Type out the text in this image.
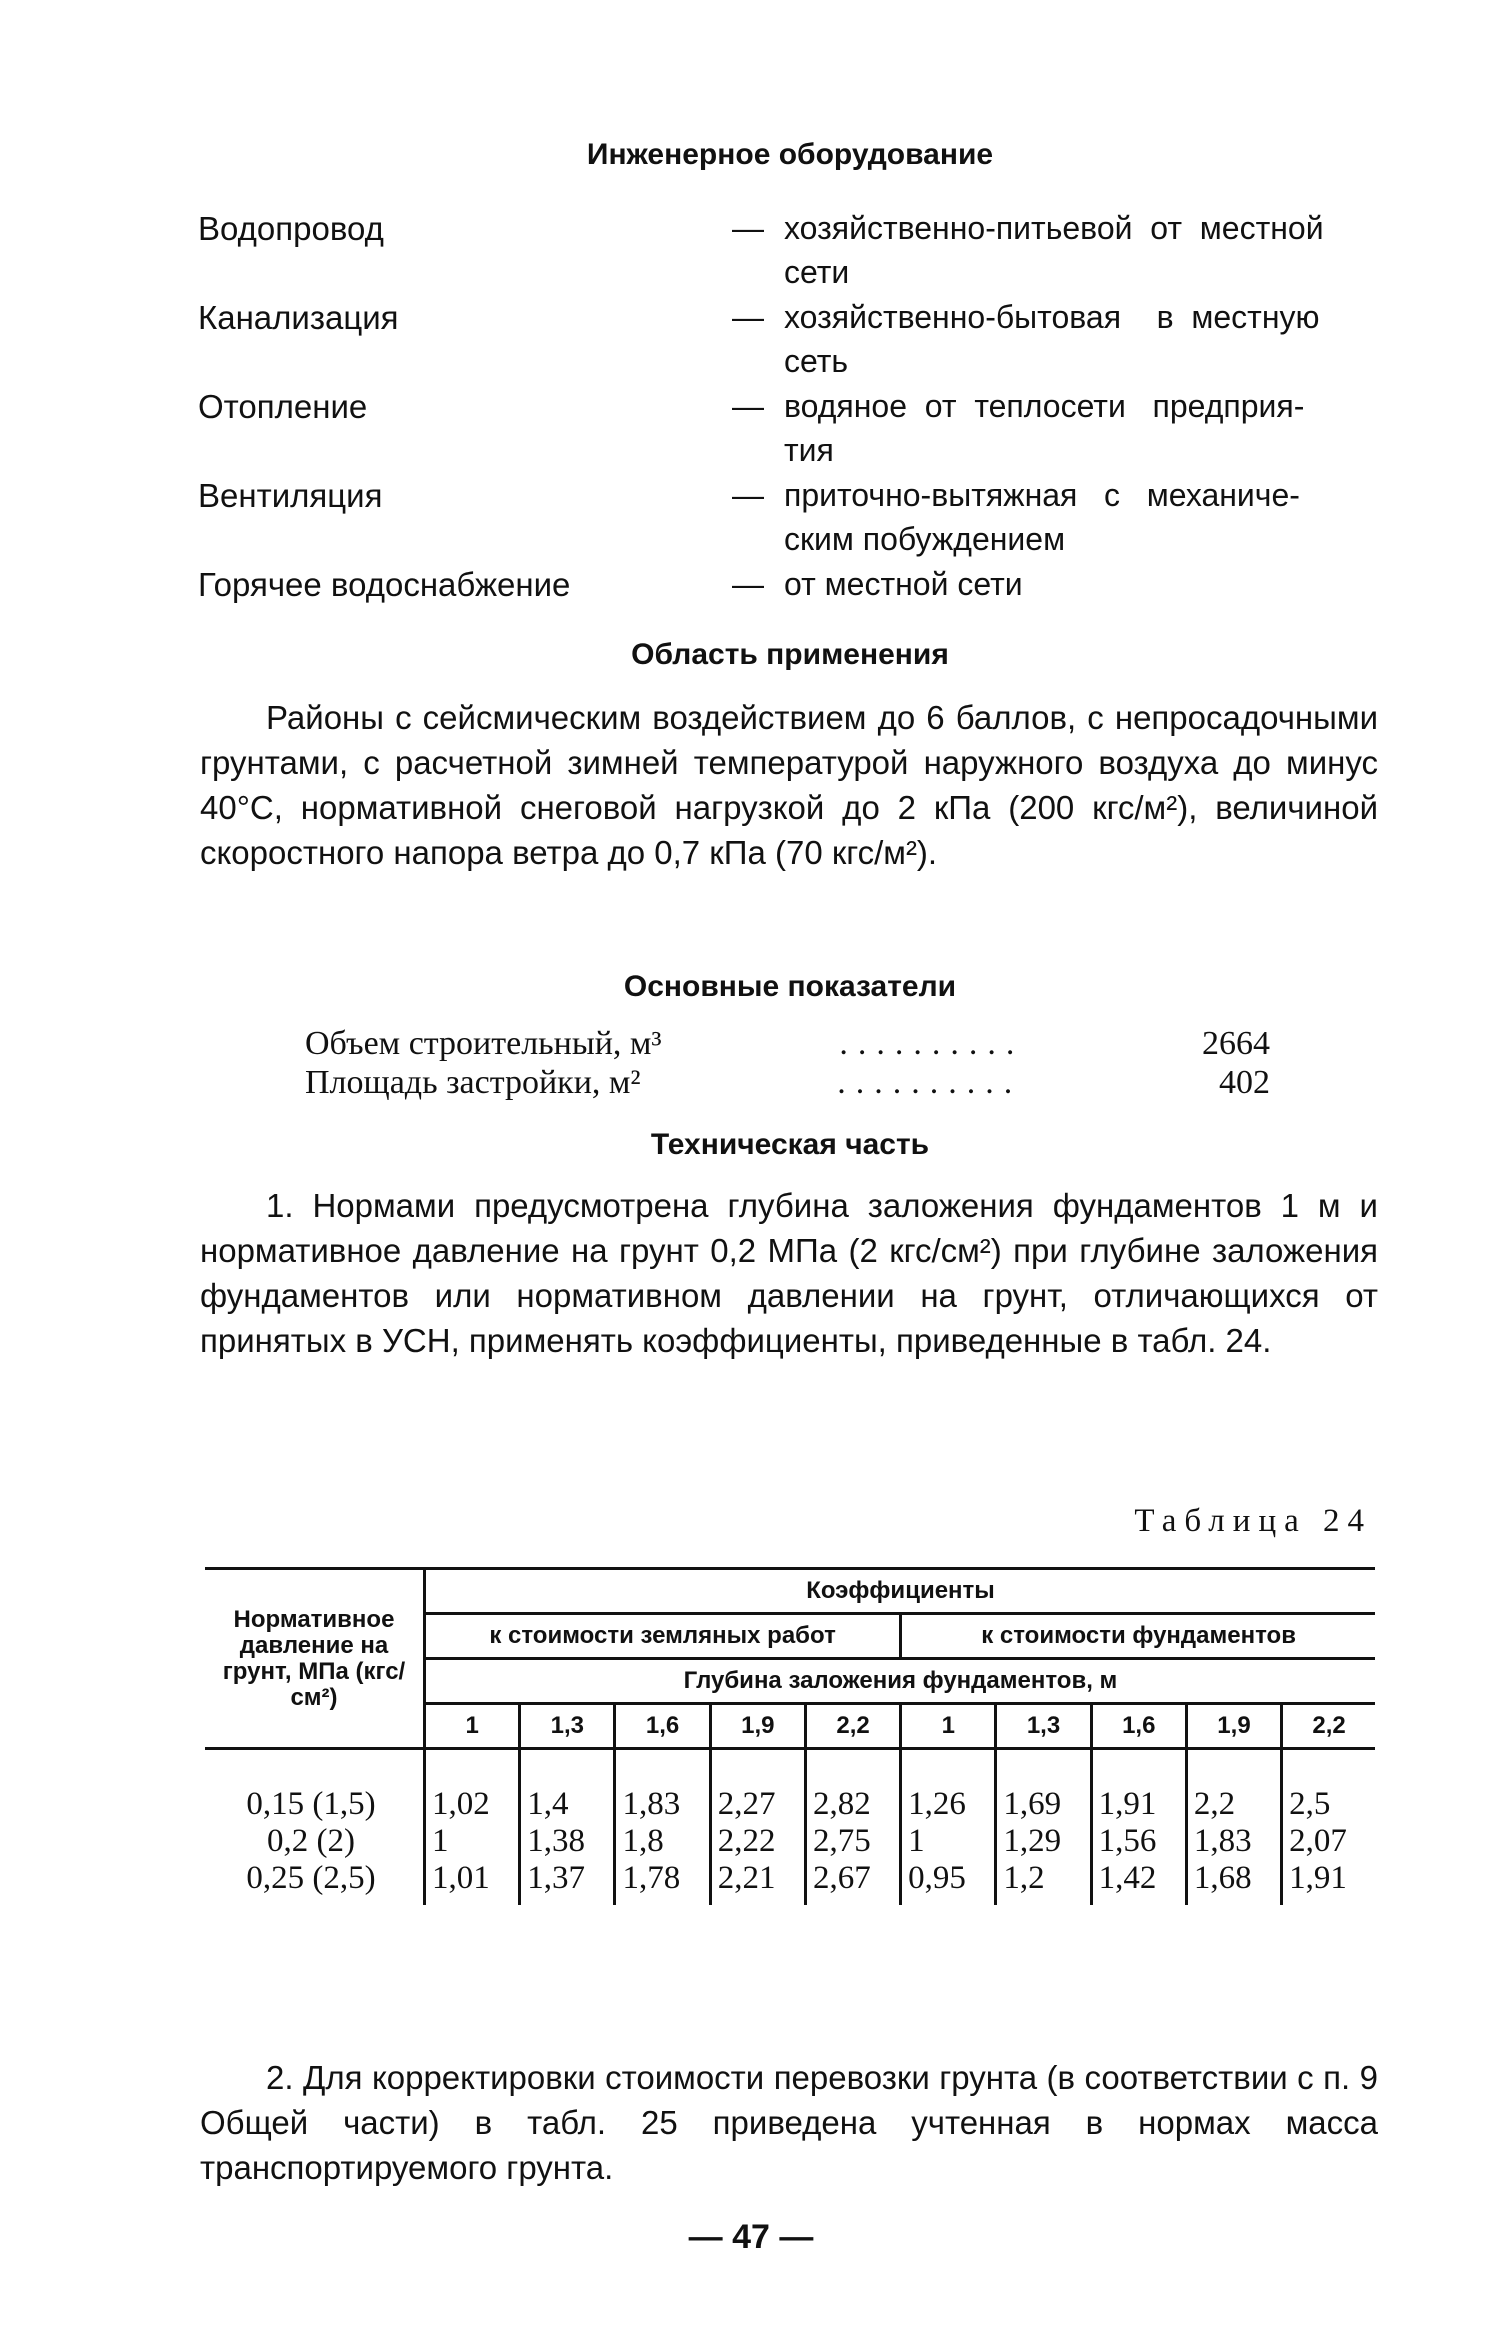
Инженерное оборудование
Водопровод	— хозяйственно-питьевой  от  местной
сети
Канализация	— хозяйственно-бытовая    в  местную
сеть
Отопление	— водяное  от  теплосети   предприя-
тия
Вентиляция	— приточно-вытяжная   с   механиче-
ским побуждением
Горячее водоснабжение	— от местной сети
Область применения
Районы с сейсмическим воздействием до 6 баллов, с непросадочными грунтами, с расчетной зимней температурой наружного воздуха до минус 40°С, нормативной снеговой нагрузкой до 2 кПа (200 кгс/м²), величиной скоростного напора ветра до 0,7 кПа (70 кгс/м²).
Основные показатели
Объем строительный, м³	..........	2664
Площадь застройки, м²	..........	402
Техническая часть
1. Нормами предусмотрена глубина заложения фундаментов 1 м и нормативное давление на грунт 0,2 МПа (2 кгс/см²) при глубине заложения фундаментов или нормативном давлении на грунт, отличающихся от принятых в УСН, применять коэффициенты, приведенные в табл. 24.
Таблица 24
Нормативное давление на грунт, МПа (кгс/см²)	Коэффициенты									
	к стоимости земляных работ					к стоимости фундаментов				
	Глубина заложения фундаментов, м									
	1	1,3	1,6	1,9	2,2	1	1,3	1,6	1,9	2,2
0,15 (1,5)	1,02	1,4	1,83	2,27	2,82	1,26	1,69	1,91	2,2	2,5
0,2 (2)	1	1,38	1,8	2,22	2,75	1	1,29	1,56	1,83	2,07
0,25 (2,5)	1,01	1,37	1,78	2,21	2,67	0,95	1,2	1,42	1,68	1,91
2. Для корректировки стоимости перевозки грунта (в соответствии с п. 9 Общей части) в табл. 25 приведена учтенная в нормах масса транспортируемого грунта.
— 47 —
